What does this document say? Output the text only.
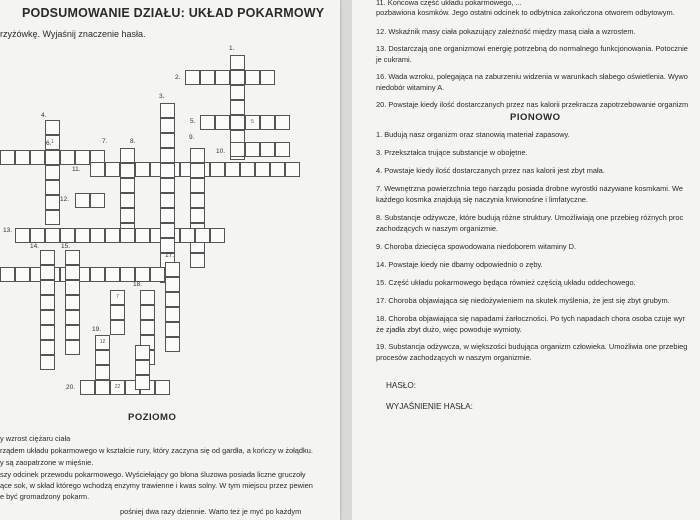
PODSUMOWANIE DZIAŁU: UKŁAD POKARMOWY
rzyżówkę. Wyjaśnij znaczenie hasła.
5
1
7
12
22
1.
2.
3.
4.
5.
6.	7.	8.
9.
10.
11.
12.
13.
14.	15.
17.
18.
19.
20.
POZIOMO
y wzrost ciężaru ciała
rządem układu pokarmowego w kształcie rury, który zaczyna się od gardła, a kończy w żołądku.
y są zaopatrzone w mięśnie.
szy odcinek przewodu pokarmowego. Wyściełający go błona śluzowa posiada liczne gruczoły
ące sok, w skład którego wchodzą enzymy trawienne i kwas solny. W tym miejscu przez pewien
e być gromadzony pokarm.
pośniej dwa razy dziennie. Warto też je myć po każdym
11. Końcowa część układu pokarmowego, ...
pozbawiona kosmków. Jego ostatni odcinek to odbytnica zakończona otworem odbytowym.
12. Wskaźnik masy ciała pokazujący zależność między masą ciała a wzrostem.
13. Dostarczają one organizmowi energię potrzebną do normalnego funkcjonowania. Potocznie
je cukrami.
16. Wada wzroku, polegająca na zaburzeniu widzenia w warunkach słabego oświetlenia. Wywo
niedobór witaminy A.
20. Powstaje kiedy ilość dostarczanych przez nas kalorii przekracza zapotrzebowanie organizm
PIONOWO
1. Budują nasz organizm oraz stanowią materiał zapasowy.
3. Przekształca trujące substancje w obojętne.
4. Powstaje kiedy ilość dostarczanych przez nas kalorii jest zbyt mała.
7. Wewnętrzna powierzchnia tego narządu posiada drobne wyrostki nazywane kosmkami. We
każdego kosmka znajdują się naczynia krwionośne i limfatyczne.
8. Substancje odżywcze, które budują różne struktury. Umożliwiają one przebieg różnych proc
zachodzących w naszym organizmie.
9. Choroba dziecięca spowodowana niedoborem witaminy D.
14. Powstaje kiedy nie dbamy odpowiednio o zęby.
15. Część układu pokarmowego będąca również częścią układu oddechowego.
17. Choroba objawiająca się niedożywieniem na skutek myślenia, że jest się zbyt grubym.
18. Choroba objawiająca się napadami żarłoczności. Po tych napadach chora osoba czuje wyr
że zjadła zbyt dużo, więc powoduje wymioty.
19. Substancja odżywcza, w większości budująca organizm człowieka. Umożliwia one przebieg
procesów zachodzących w naszym organizmie.
HASŁO:
WYJAŚNIENIE HASŁA:
